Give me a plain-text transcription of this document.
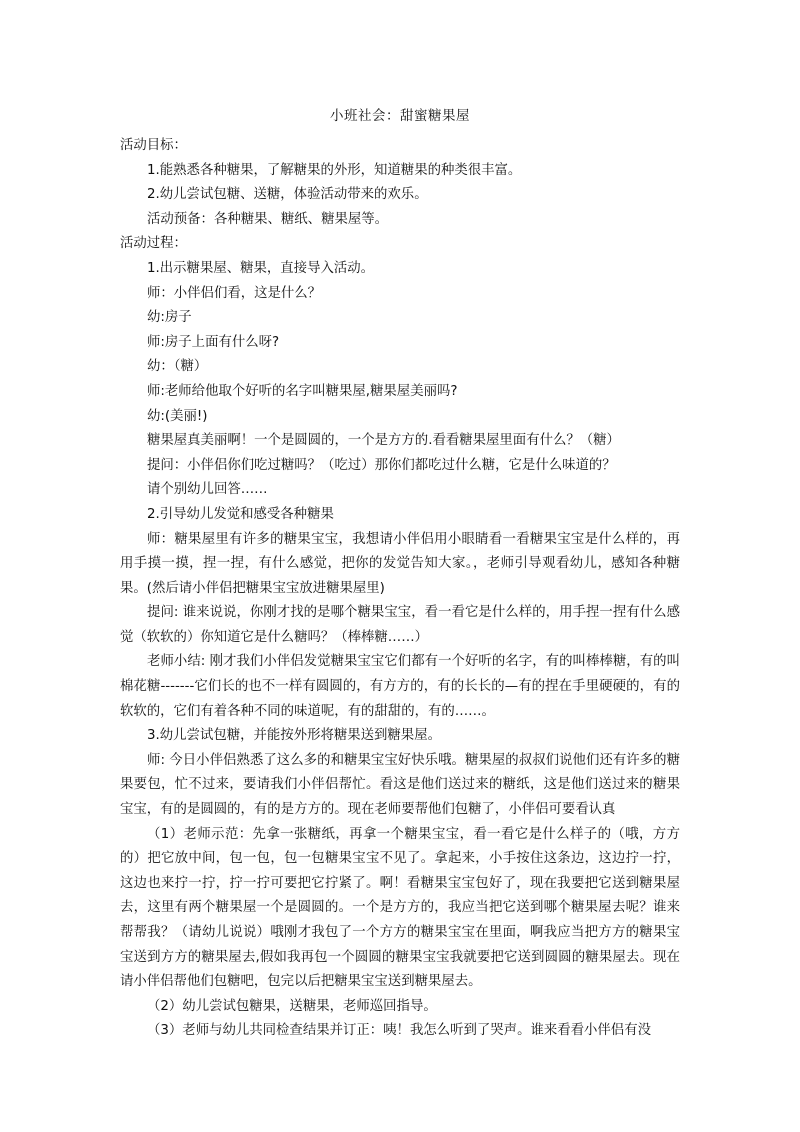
小班社会：甜蜜糖果屋

活动目标：

1.能熟悉各种糖果，了解糖果的外形，知道糖果的种类很丰富。

2.幼儿尝试包糖、送糖，体验活动带来的欢乐。

活动预备：各种糖果、糖纸、糖果屋等。

活动过程：

1.出示糖果屋、糖果，直接导入活动。

师：小伴侣们看，这是什么？

幼:房子

师:房子上面有什么呀?

幼：（糖）

师:老师给他取个好听的名字叫糖果屋,糖果屋美丽吗?

幼:(美丽!)

糖果屋真美丽啊！一个是圆圆的，一个是方方的.看看糖果屋里面有什么？（糖）

提问：小伴侣你们吃过糖吗？（吃过）那你们都吃过什么糖，它是什么味道的？

请个别幼儿回答……

2.引导幼儿发觉和感受各种糖果

师：糖果屋里有许多的糖果宝宝，我想请小伴侣用小眼睛看一看糖果宝宝是什么样的，再用手摸一摸，捏一捏，有什么感觉，把你的发觉告知大家。，老师引导观看幼儿，感知各种糖果。(然后请小伴侣把糖果宝宝放进糖果屋里)

提问: 谁来说说，你刚才找的是哪个糖果宝宝，看一看它是什么样的，用手捏一捏有什么感觉（软软的）你知道它是什么糖吗？（棒棒糖……）

老师小结: 刚才我们小伴侣发觉糖果宝宝它们都有一个好听的名字，有的叫棒棒糖，有的叫棉花糖-------它们长的也不一样有圆圆的，有方方的，有的长长的—有的捏在手里硬硬的，有的软软的，它们有着各种不同的味道呢，有的甜甜的，有的……。

3.幼儿尝试包糖，并能按外形将糖果送到糖果屋。

师: 今日小伴侣熟悉了这么多的和糖果宝宝好快乐哦。糖果屋的叔叔们说他们还有许多的糖果要包，忙不过来，要请我们小伴侣帮忙。看这是他们送过来的糖纸，这是他们送过来的糖果宝宝，有的是圆圆的，有的是方方的。现在老师要帮他们包糖了，小伴侣可要看认真

（1）老师示范：先拿一张糖纸，再拿一个糖果宝宝，看一看它是什么样子的（哦，方方的）把它放中间，包一包，包一包糖果宝宝不见了。拿起来，小手按住这条边，这边拧一拧，这边也来拧一拧，拧一拧可要把它拧紧了。啊！看糖果宝宝包好了，现在我要把它送到糖果屋去，这里有两个糖果屋一个是圆圆的。一个是方方的，我应当把它送到哪个糖果屋去呢？谁来帮帮我？（请幼儿说说）哦刚才我包了一个方方的糖果宝宝在里面，啊我应当把方方的糖果宝宝送到方方的糖果屋去,假如我再包一个圆圆的糖果宝宝我就要把它送到圆圆的糖果屋去。现在请小伴侣帮他们包糖吧，包完以后把糖果宝宝送到糖果屋去。

（2）幼儿尝试包糖果，送糖果，老师巡回指导。

（3）老师与幼儿共同检查结果并订正：咦！我怎么听到了哭声。谁来看看小伴侣有没
